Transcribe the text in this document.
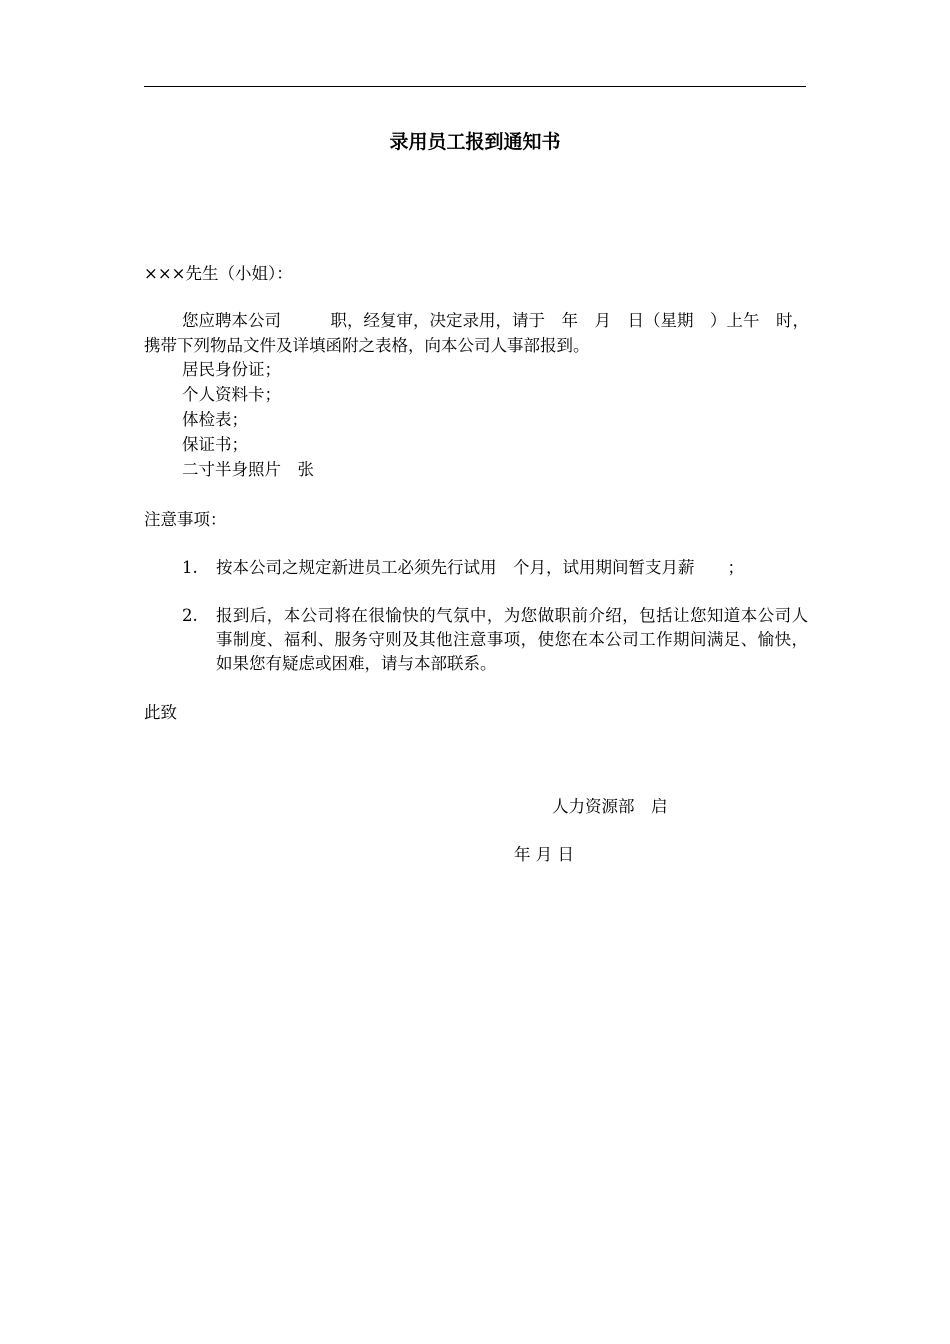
录用员工报到通知书
×××先生（小姐）：
您应聘本公司　　　职，经复审，决定录用，请于　年　月　日（星期　）上午　时，
携带下列物品文件及详填函附之表格，向本公司人事部报到。
居民身份证；
个人资料卡；
体检表；
保证书；
二寸半身照片　张
注意事项：
1. 按本公司之规定新进员工必须先行试用　个月，试用期间暂支月薪　　；
2. 报到后，本公司将在很愉快的气氛中，为您做职前介绍，包括让您知道本公司人事制度、福利、服务守则及其他注意事项，使您在本公司工作期间满足、愉快，如果您有疑虑或困难，请与本部联系。
此致
人力资源部　启
年 月 日
